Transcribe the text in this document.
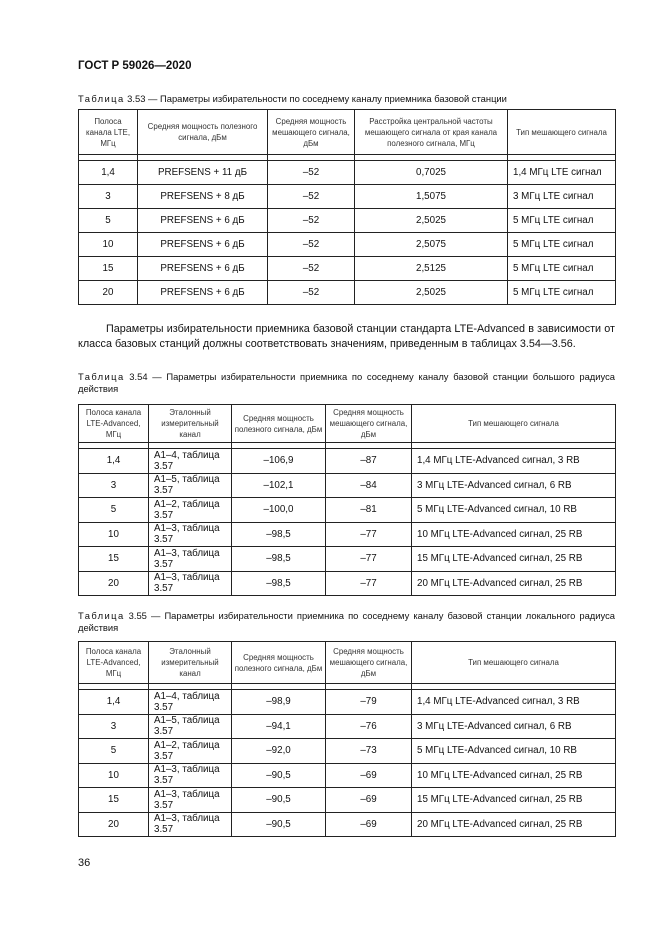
ГОСТ Р 59026—2020
Таблица 3.53 — Параметры избирательности по соседнему каналу приемника базовой станции
Полоса канала LTE, МГц	Средняя мощность полезного сигнала, дБм	Средняя мощность мешающего сигнала, дБм	Расстройка центральной частоты мешающего сигнала от края канала полезного сигнала, МГц	Тип мешающего сигнала

1,4	PREFSENS + 11 дБ	–52	0,7025	1,4 МГц LTE сигнал
3	PREFSENS + 8 дБ	–52	1,5075	3 МГц LTE сигнал
5	PREFSENS + 6 дБ	–52	2,5025	5 МГц LTE сигнал
10	PREFSENS + 6 дБ	–52	2,5075	5 МГц LTE сигнал
15	PREFSENS + 6 дБ	–52	2,5125	5 МГц LTE сигнал
20	PREFSENS + 6 дБ	–52	2,5025	5 МГц LTE сигнал
Параметры избирательности приемника базовой станции стандарта LTE-Advanced в зависимости от класса базовых станций должны соответствовать значениям, приведенным в таблицах 3.54—3.56.
Таблица 3.54 — Параметры избирательности приемника по соседнему каналу базовой станции большого радиуса действия
Полоса канала LTE-Advanced, МГц	Эталонный измерительный канал	Средняя мощность полезного сигнала, дБм	Средняя мощность мешающего сигнала, дБм	Тип мешающего сигнала

1,4	А1–4, таблица 3.57	–106,9	–87	1,4 МГц LTE-Advanced сигнал, 3 RB
3	А1–5, таблица 3.57	–102,1	–84	3 МГц LTE-Advanced сигнал, 6 RB
5	А1–2, таблица 3.57	–100,0	–81	5 МГц LTE-Advanced сигнал, 10 RB
10	А1–3, таблица 3.57	–98,5	–77	10 МГц LTE-Advanced сигнал, 25 RB
15	А1–3, таблица 3.57	–98,5	–77	15 МГц LTE-Advanced сигнал, 25 RB
20	А1–3, таблица 3.57	–98,5	–77	20 МГц LTE-Advanced сигнал, 25 RB
Таблица 3.55 — Параметры избирательности приемника по соседнему каналу базовой станции локального радиуса действия
Полоса канала LTE-Advanced, МГц	Эталонный измерительный канал	Средняя мощность полезного сигнала, дБм	Средняя мощность мешающего сигнала, дБм	Тип мешающего сигнала

1,4	А1–4, таблица 3.57	–98,9	–79	1,4 МГц LTE-Advanced сигнал, 3 RB
3	А1–5, таблица 3.57	–94,1	–76	3 МГц LTE-Advanced сигнал, 6 RB
5	А1–2, таблица 3.57	–92,0	–73	5 МГц LTE-Advanced сигнал, 10 RB
10	А1–3, таблица 3.57	–90,5	–69	10 МГц LTE-Advanced сигнал, 25 RB
15	А1–3, таблица 3.57	–90,5	–69	15 МГц LTE-Advanced сигнал, 25 RB
20	А1–3, таблица 3.57	–90,5	–69	20 МГц LTE-Advanced сигнал, 25 RB
36
